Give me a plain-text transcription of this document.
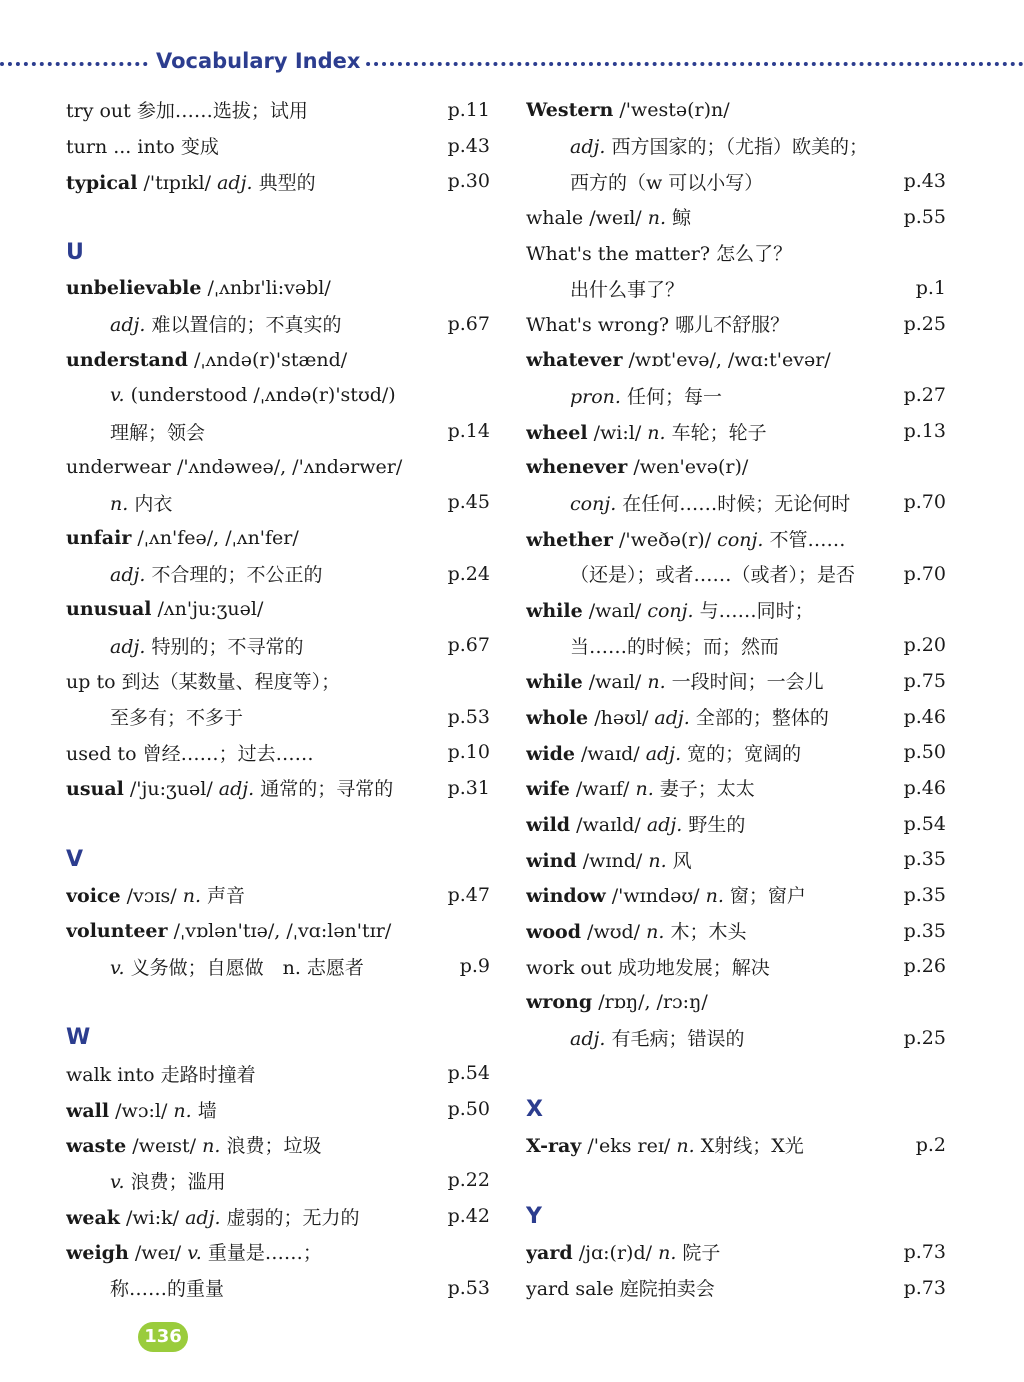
Vocabulary Index
try out 参加……选拔；试用	p.11
turn ... into 变成	p.43
typical /'tɪpɪkl/ adj. 典型的	p.30
U
unbelievable /ˌʌnbɪ'li:vəbl/
adj. 难以置信的；不真实的	p.67
understand /ˌʌndə(r)'stænd/
v. (understood /ˌʌndə(r)'stʊd/)
理解；领会	p.14
underwear /'ʌndəweə/, /'ʌndərwer/
n. 内衣	p.45
unfair /ˌʌn'feə/, /ˌʌn'fer/
adj. 不合理的；不公正的	p.24
unusual /ʌn'ju:ʒuəl/
adj. 特别的；不寻常的	p.67
up to 到达（某数量、程度等）；
至多有；不多于	p.53
used to 曾经……；过去……	p.10
usual /'ju:ʒuəl/ adj. 通常的；寻常的	p.31
V
voice /vɔɪs/ n. 声音	p.47
volunteer /ˌvɒlən'tɪə/, /ˌvɑ:lən'tɪr/
v. 义务做；自愿做　n. 志愿者	p.9
W
walk into 走路时撞着	p.54
wall /wɔ:l/ n. 墙	p.50
waste /weɪst/ n. 浪费；垃圾
v. 浪费；滥用	p.22
weak /wi:k/ adj. 虚弱的；无力的	p.42
weigh /weɪ/ v. 重量是……；
称……的重量	p.53
Western /'westə(r)n/
adj. 西方国家的；（尤指）欧美的；
西方的（w 可以小写）	p.43
whale /weɪl/ n. 鲸	p.55
What's the matter? 怎么了？
出什么事了？	p.1
What's wrong? 哪儿不舒服？	p.25
whatever /wɒt'evə/, /wɑ:t'evər/
pron. 任何；每一	p.27
wheel /wi:l/ n. 车轮；轮子	p.13
whenever /wen'evə(r)/
conj. 在任何……时候；无论何时	p.70
whether /'weðə(r)/ conj. 不管……
（还是）；或者……（或者）；是否	p.70
while /waɪl/ conj. 与……同时；
当……的时候；而；然而	p.20
while /waɪl/ n. 一段时间；一会儿	p.75
whole /həʊl/ adj. 全部的；整体的	p.46
wide /waɪd/ adj. 宽的；宽阔的	p.50
wife /waɪf/ n. 妻子；太太	p.46
wild /waɪld/ adj. 野生的	p.54
wind /wɪnd/ n. 风	p.35
window /'wɪndəʊ/ n. 窗；窗户	p.35
wood /wʊd/ n. 木；木头	p.35
work out 成功地发展；解决	p.26
wrong /rɒŋ/, /rɔ:ŋ/
adj. 有毛病；错误的	p.25
X
X-ray /'eks reɪ/ n. X射线；X光	p.2
Y
yard /jɑ:(r)d/ n. 院子	p.73
yard sale 庭院拍卖会	p.73
136
